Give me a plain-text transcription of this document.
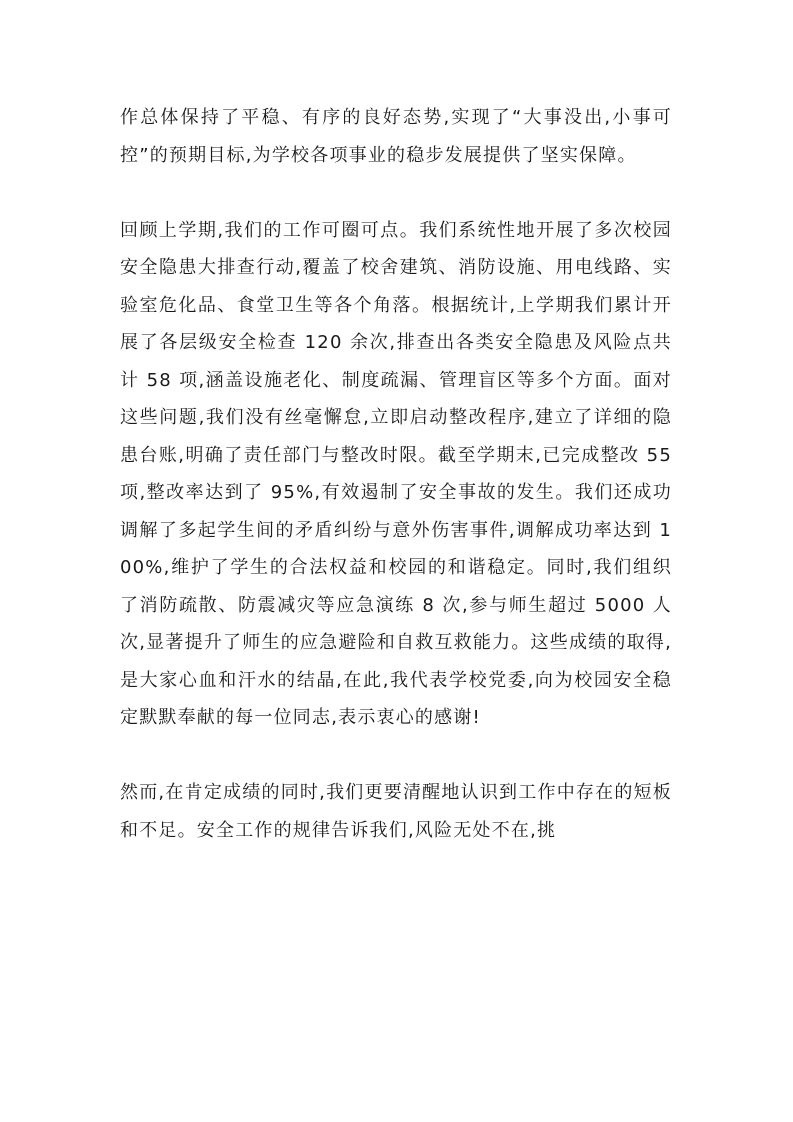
作总体保持了平稳、有序的良好态势,实现了“大事没出,小事可控”的预期目标,为学校各项事业的稳步发展提供了坚实保障。

回顾上学期,我们的工作可圈可点。我们系统性地开展了多次校园安全隐患大排查行动,覆盖了校舍建筑、消防设施、用电线路、实验室危化品、食堂卫生等各个角落。根据统计,上学期我们累计开展了各层级安全检查 120 余次,排查出各类安全隐患及风险点共计 58 项,涵盖设施老化、制度疏漏、管理盲区等多个方面。面对这些问题,我们没有丝毫懈怠,立即启动整改程序,建立了详细的隐患台账,明确了责任部门与整改时限。截至学期末,已完成整改 55 项,整改率达到了 95%,有效遏制了安全事故的发生。我们还成功调解了多起学生间的矛盾纠纷与意外伤害事件,调解成功率达到 100%,维护了学生的合法权益和校园的和谐稳定。同时,我们组织了消防疏散、防震减灾等应急演练 8 次,参与师生超过 5000 人次,显著提升了师生的应急避险和自救互救能力。这些成绩的取得,是大家心血和汗水的结晶,在此,我代表学校党委,向为校园安全稳定默默奉献的每一位同志,表示衷心的感谢!

然而,在肯定成绩的同时,我们更要清醒地认识到工作中存在的短板和不足。安全工作的规律告诉我们,风险无处不在,挑
